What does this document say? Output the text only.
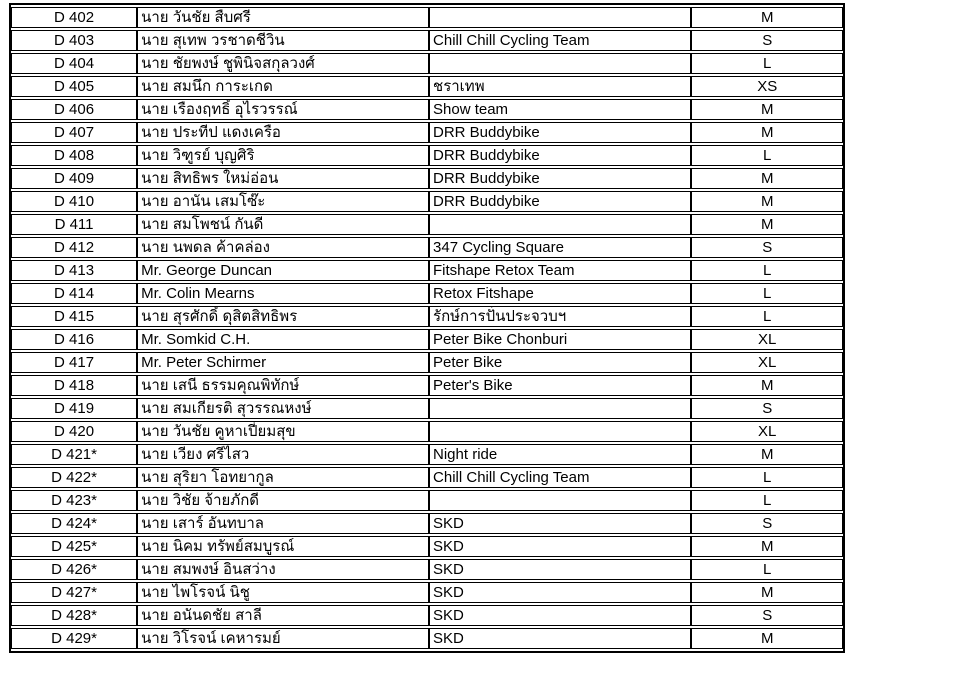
D 402	นาย วันชัย สืบศรี		M
D 403	นาย สุเทพ วรชาดชีวิน	Chill Chill Cycling Team	S
D 404	นาย ชัยพงษ์ ชูพินิจสกุลวงศ์		L
D 405	นาย สมนึก การะเกด	ชราเทพ	XS
D 406	นาย เรืองฤทธิ์ อุไรวรรณ์	Show team	M
D 407	นาย ประทีป แดงเครือ	DRR Buddybike	M
D 408	นาย วิฑูรย์ บุญศิริ	DRR Buddybike	L
D 409	นาย สิทธิพร ใหม่อ่อน	DRR Buddybike	M
D 410	นาย อานัน เสมโซ๊ะ	DRR Buddybike	M
D 411	นาย สมโพชน์ กันดี		M
D 412	นาย นพดล ค้าคล่อง	347 Cycling Square	S
D 413	Mr. George Duncan	Fitshape Retox Team	L
D 414	Mr. Colin Mearns	Retox Fitshape	L
D 415	นาย สุรศักดิ์ ดุสิตสิทธิพร	รักษ์การปั่นประจวบฯ	L
D 416	Mr. Somkid C.H.	Peter Bike Chonburi	XL
D 417	Mr. Peter Schirmer	Peter Bike	XL
D 418	นาย เสนี ธรรมคุณพิทักษ์	Peter's Bike	M
D 419	นาย สมเกียรติ สุวรรณหงษ์		S
D 420	นาย วันชัย คูหาเปี่ยมสุข		XL
D 421*	นาย เวียง ศรีไสว	Night ride	M
D 422*	นาย สุริยา โอทยากูล	Chill Chill Cycling Team	L
D 423*	นาย วิชัย จ้ายภักดี		L
D 424*	นาย เสาร์ อันทบาล	SKD	S
D 425*	นาย นิคม ทรัพย์สมบูรณ์	SKD	M
D 426*	นาย สมพงษ์ อินสว่าง	SKD	L
D 427*	นาย ไพโรจน์ นิชู	SKD	M
D 428*	นาย อนันดชัย สาลี	SKD	S
D 429*	นาย วิโรจน์ เคหารมย์	SKD	M
